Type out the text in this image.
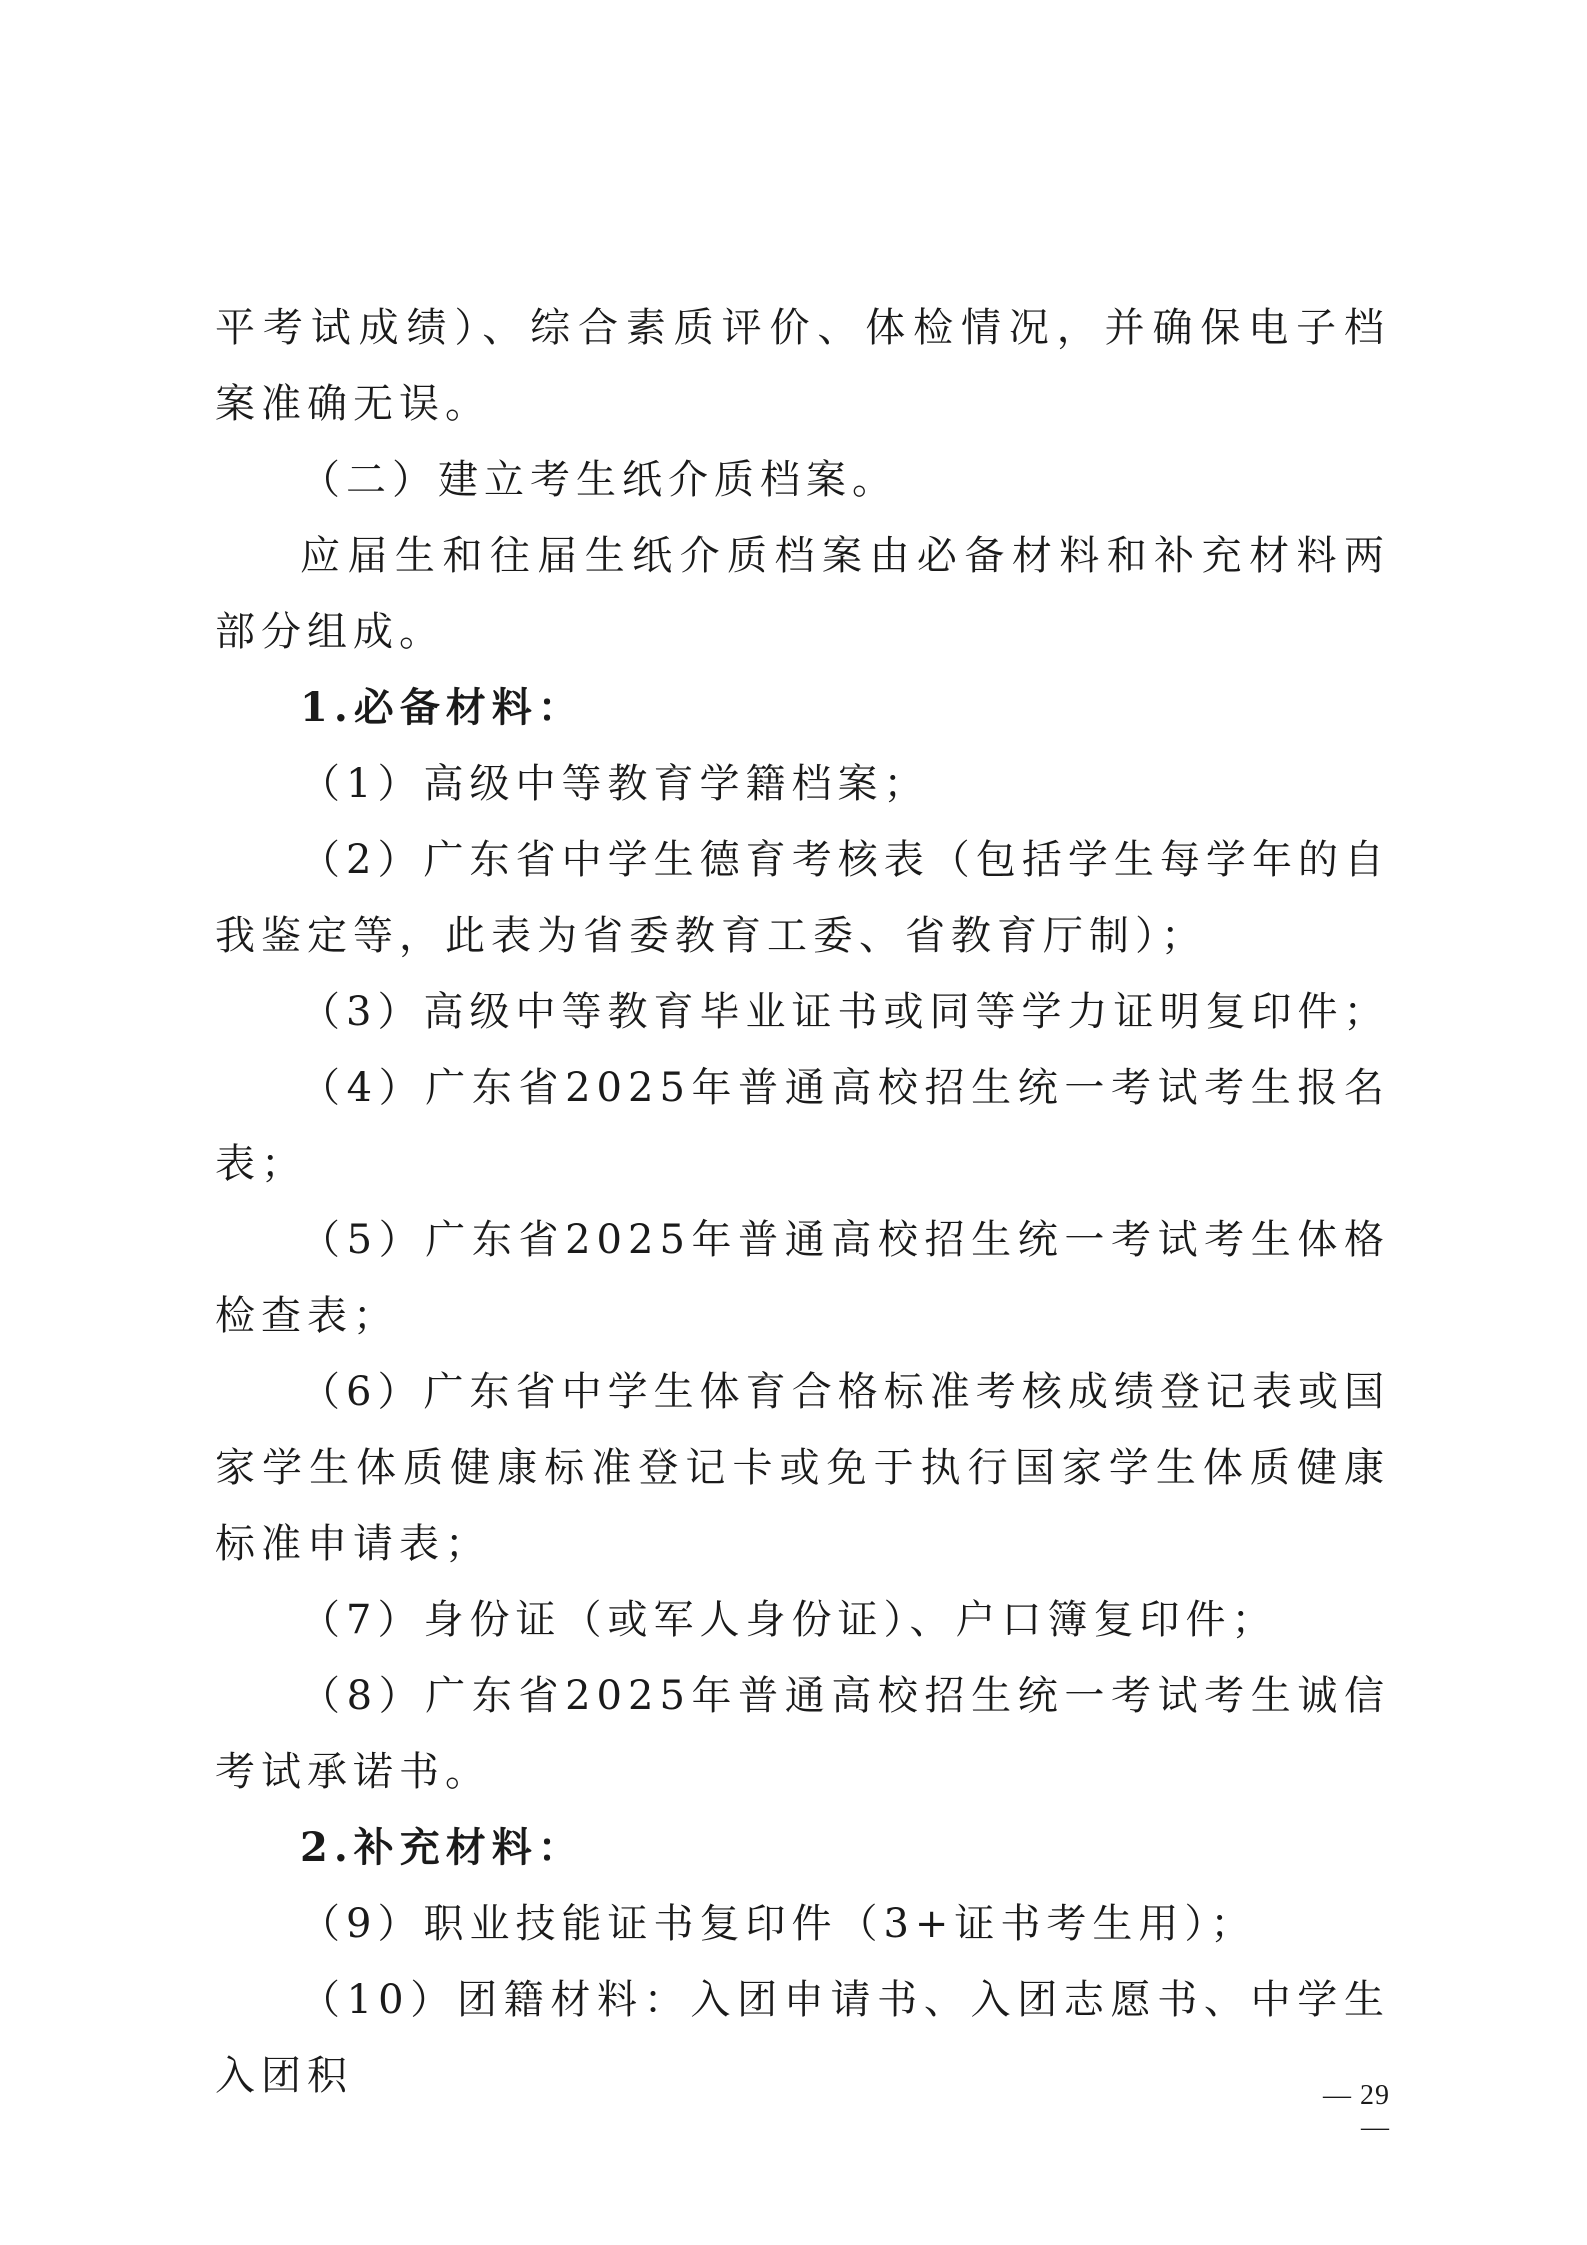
平考试成绩）、综合素质评价、体检情况，并确保电子档案准确无误。

（二）建立考生纸介质档案。

应届生和往届生纸介质档案由必备材料和补充材料两部分组成。

1.必备材料：

（1）高级中等教育学籍档案；

（2）广东省中学生德育考核表（包括学生每学年的自我鉴定等，此表为省委教育工委、省教育厅制）；

（3）高级中等教育毕业证书或同等学力证明复印件；

（4）广东省2025年普通高校招生统一考试考生报名表；

（5）广东省2025年普通高校招生统一考试考生体格检查表；

（6）广东省中学生体育合格标准考核成绩登记表或国家学生体质健康标准登记卡或免于执行国家学生体质健康标准申请表；

（7）身份证（或军人身份证）、户口簿复印件；

（8）广东省2025年普通高校招生统一考试考生诚信考试承诺书。

2.补充材料：

（9）职业技能证书复印件（3+证书考生用）；

（10）团籍材料：入团申请书、入团志愿书、中学生入团积	— 29 —
